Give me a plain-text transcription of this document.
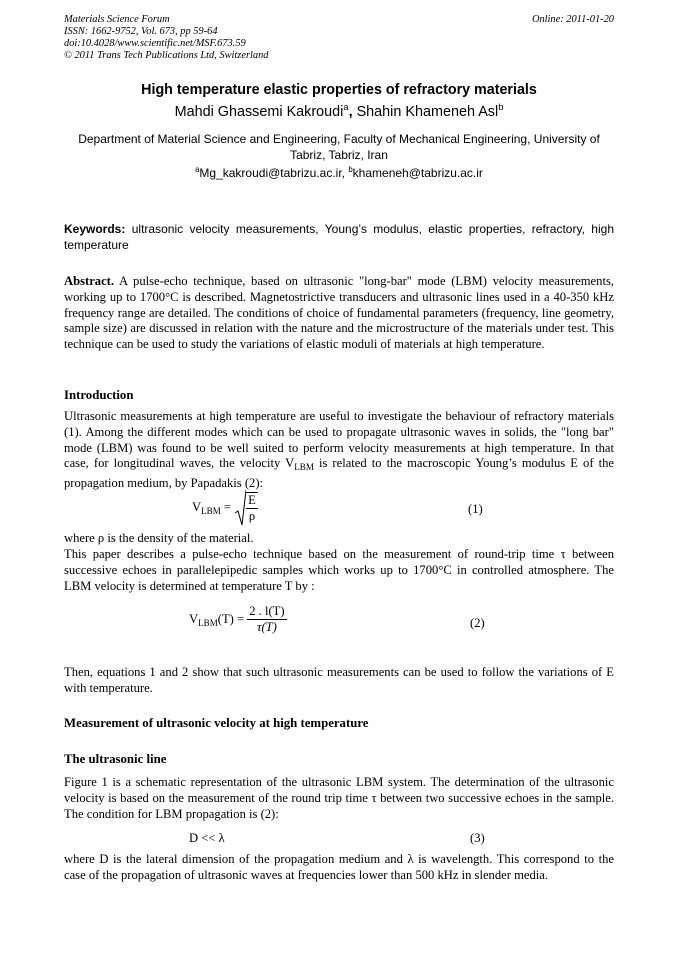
Materials Science Forum
ISSN: 1662-9752, Vol. 673, pp 59-64
doi:10.4028/www.scientific.net/MSF.673.59
© 2011 Trans Tech Publications Ltd, Switzerland
Online: 2011-01-20
High temperature elastic properties of refractory materials
Mahdi Ghassemi Kakroudi$^a$, Shahin Khameneh Asl$^b$
Department of Material Science and Engineering, Faculty of Mechanical Engineering, University of Tabriz, Tabriz, Iran
$^a$Mg_kakroudi@tabrizu.ac.ir, $^b$khameneh@tabrizu.ac.ir
Keywords: ultrasonic velocity measurements, Young’s modulus, elastic properties, refractory, high temperature
Abstract. A pulse-echo technique, based on ultrasonic "long-bar" mode (LBM) velocity measurements, working up to 1700°C is described. Magnetostrictive transducers and ultrasonic lines used in a 40-350 kHz frequency range are detailed. The conditions of choice of fundamental parameters (frequency, line geometry, sample size) are discussed in relation with the nature and the microstructure of the materials under test. This technique can be used to study the variations of elastic moduli of materials at high temperature.
Introduction
Ultrasonic measurements at high temperature are useful to investigate the behaviour of refractory materials (1). Among the different modes which can be used to propagate ultrasonic waves in solids, the "long bar" mode (LBM) was found to be well suited to perform velocity measurements at high temperature. In that case, for longitudinal waves, the velocity $V_{LBM}$ is related to the macroscopic Young’s modulus E of the propagation medium, by Papadakis (2):
$V_{LBM} = \frac{E}{\rho}$	(1)
where ρ is the density of the material.
This paper describes a pulse-echo technique based on the measurement of round-trip time τ between successive echoes in parallelepipedic samples which works up to 1700°C in controlled atmosphere. The LBM velocity is determined at temperature T by :
$V_{LBM}(T) = \frac{2 . l(T)}{\tau(T)}$	(2)
Then, equations 1 and 2 show that such ultrasonic measurements can be used to follow the variations of E with temperature.
Measurement of ultrasonic velocity at high temperature
The ultrasonic line
Figure 1 is a schematic representation of the ultrasonic LBM system. The determination of the ultrasonic velocity is based on the measurement of the round trip time τ between two successive echoes in the sample. The condition for LBM propagation is (2):
D << λ	(3)
where D is the lateral dimension of the propagation medium and λ is wavelength. This correspond to the case of the propagation of ultrasonic waves at frequencies lower than 500 kHz in slender media.
